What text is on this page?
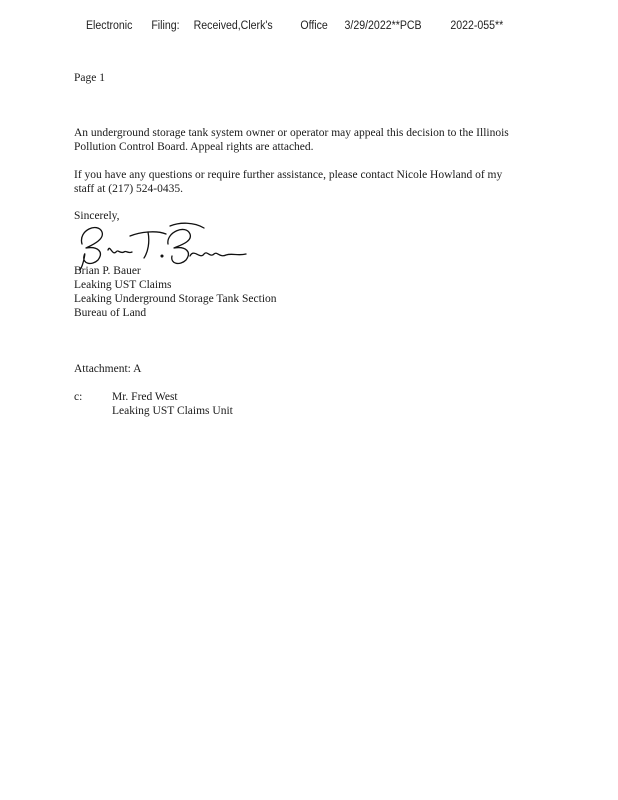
Electronic Filing: Received,Clerk's Office 3/29/2022**PCB 2022-055**
Page 1
An underground storage tank system owner or operator may appeal this decision to the Illinois
Pollution Control Board. Appeal rights are attached.
If you have any questions or require further assistance, please contact Nicole Howland of my
staff at (217) 524-0435.
Sincerely,
Brian P. Bauer
Leaking UST Claims
Leaking Underground Storage Tank Section
Bureau of Land
Attachment: A
c:	Mr. Fred West
Leaking UST Claims Unit
